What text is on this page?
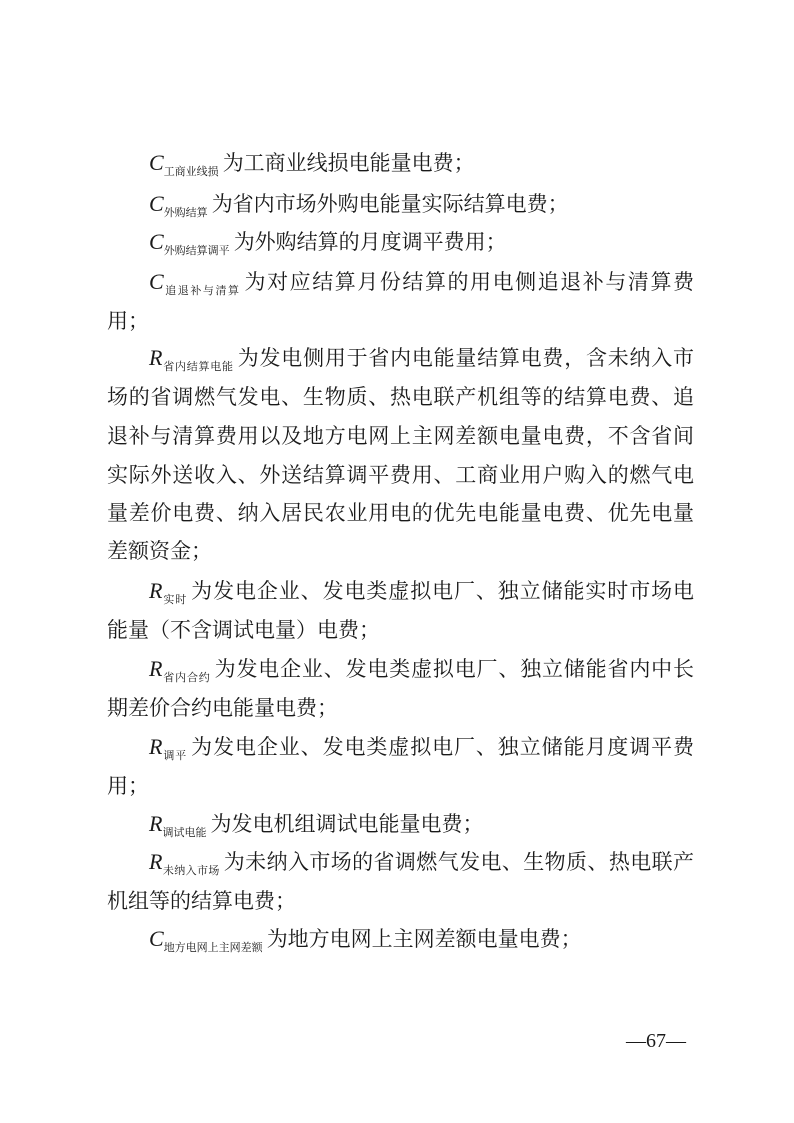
$C_{工商业线损}$ 为工商业线损电能量电费；
$C_{外购结算}$ 为省内市场外购电能量实际结算电费；
$C_{外购结算调平}$ 为外购结算的月度调平费用；
$C_{追退补与清算}$ 为对应结算月份结算的用电侧追退补与清算费
用；
$R_{省内结算电能}$ 为发电侧用于省内电能量结算电费，含未纳入市
场的省调燃气发电、生物质、热电联产机组等的结算电费、追
退补与清算费用以及地方电网上主网差额电量电费，不含省间
实际外送收入、外送结算调平费用、工商业用户购入的燃气电
量差价电费、纳入居民农业用电的优先电能量电费、优先电量
差额资金；
$R_{实时}$ 为发电企业、发电类虚拟电厂、独立储能实时市场电
能量（不含调试电量）电费；
$R_{省内合约}$ 为发电企业、发电类虚拟电厂、独立储能省内中长
期差价合约电能量电费；
$R_{调平}$ 为发电企业、发电类虚拟电厂、独立储能月度调平费
用；
$R_{调试电能}$ 为发电机组调试电能量电费；
$R_{未纳入市场}$ 为未纳入市场的省调燃气发电、生物质、热电联产
机组等的结算电费；
$C_{地方电网上主网差额}$ 为地方电网上主网差额电量电费；
—67—
